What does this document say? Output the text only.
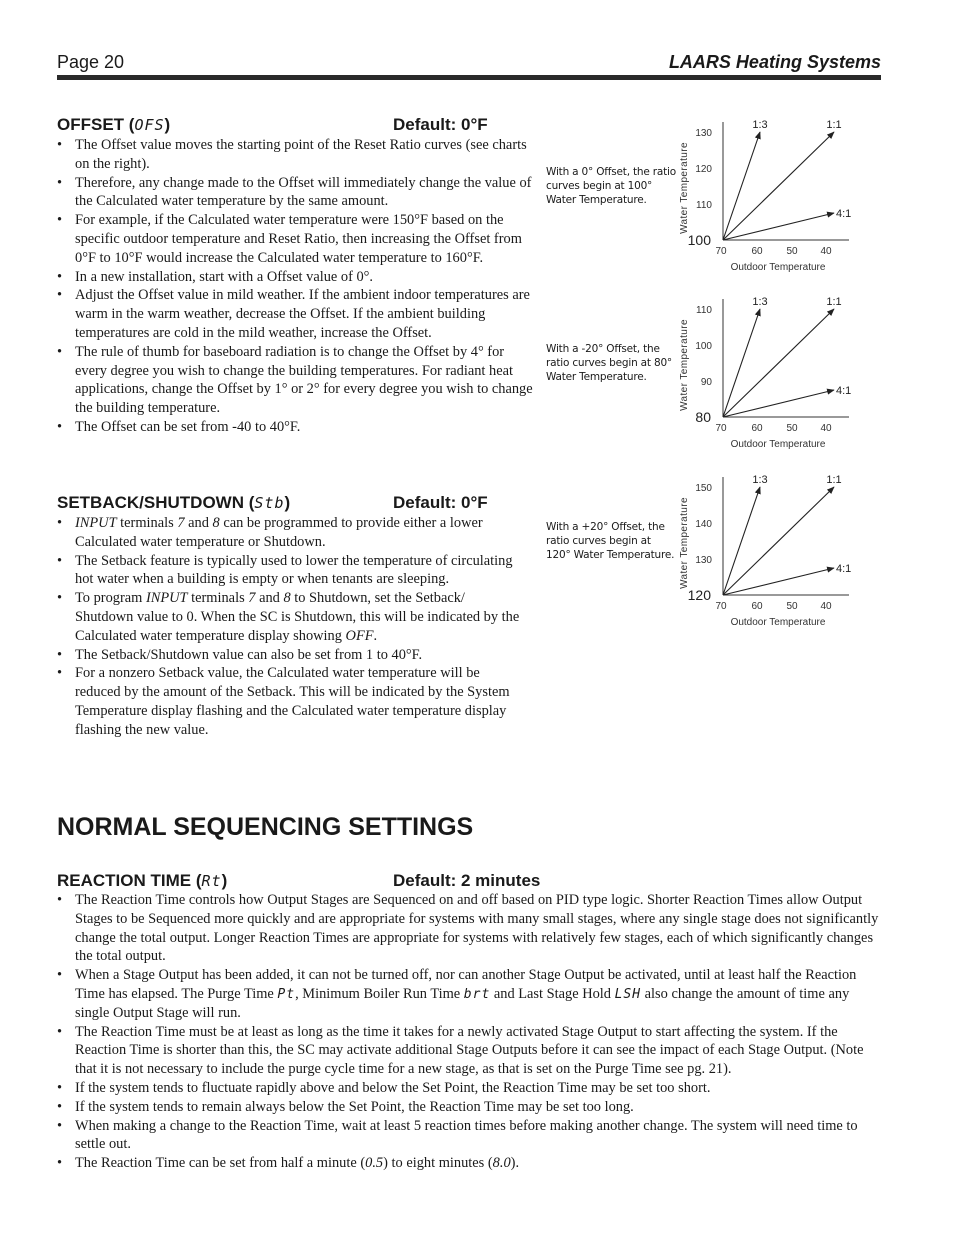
Page 20	LAARS Heating Systems
OFFSET (OFS)	Default: 0°F
• The Offset value moves the starting point of the Reset Ratio curves (see charts on the right).
• Therefore, any change made to the Offset will immediately change the value of the Calculated water temperature by the same amount.
• For example, if the Calculated water temperature were 150°F based on the specific outdoor temperature and Reset Ratio, then increasing the Offset from 0°F to 10°F would increase the Calculated water temperature to 160°F.
• In a new installation, start with a Offset value of 0°.
• Adjust the Offset value in mild weather. If the ambient indoor temperatures are warm in the warm weather, decrease the Offset. If the ambient building temperatures are cold in the mild weather, increase the Offset.
• The rule of thumb for baseboard radiation is to change the Offset by 4° for every degree you wish to change the building temperatures. For radiant heat applications, change the Offset by 1° or 2° for every degree you wish to change the building temperature.
• The Offset can be set from -40 to 40°F.
SETBACK/SHUTDOWN (Stb)	Default: 0°F
• INPUT terminals 7 and 8 can be programmed to provide either a lower Calculated water temperature or Shutdown.
• The Setback feature is typically used to lower the temperature of circulating hot water when a building is empty or when tenants are sleeping.
• To program INPUT terminals 7 and 8 to Shutdown, set the Setback/ Shutdown value to 0. When the SC is Shutdown, this will be indicated by the Calculated water temperature display showing OFF.
• The Setback/Shutdown value can also be set from 1 to 40°F.
• For a nonzero Setback value, the Calculated water temperature will be reduced by the amount of the Setback. This will be indicated by the System Temperature display flashing and the Calculated water temperature display flashing the new value.
NORMAL SEQUENCING SETTINGS
REACTION TIME (Rt)	Default: 2 minutes
• The Reaction Time controls how Output Stages are Sequenced on and off based on PID type logic. Shorter Reaction Times allow Output Stages to be Sequenced more quickly and are appropriate for systems with many small stages, where any single stage does not significantly change the total output. Longer Reaction Times are appropriate for systems with relatively few stages, each of which significantly changes the total output.
• When a Stage Output has been added, it can not be turned off, nor can another Stage Output be activated, until at least half the Reaction Time has elapsed. The Purge Time Pt, Minimum Boiler Run Time brt and Last Stage Hold LSH also change the amount of time any single Output Stage will run.
• The Reaction Time must be at least as long as the time it takes for a newly activated Stage Output to start affecting the system. If the Reaction Time is shorter than this, the SC may activate additional Stage Outputs before it can see the impact of each Stage Output. (Note that it is not necessary to include the purge cycle time for a new stage, as that is set on the Purge Time see pg. 21).
• If the system tends to fluctuate rapidly above and below the Set Point, the Reaction Time may be set too short.
• If the system tends to remain always below the Set Point, the Reaction Time may be set too long.
• When making a change to the Reaction Time, wait at least 5 reaction times before making another change. The system will need time to settle out.
• The Reaction Time can be set from half a minute (0.5) to eight minutes (8.0).
With a 0° Offset, the ratio curves begin at 100° Water Temperature.
With a -20° Offset, the ratio curves begin at 80° Water Temperature.
With a +20° Offset, the ratio curves begin at 120° Water Temperature.
Water Temperature 110
120
130
100
70 60 50 40
Outdoor Temperature
1:3	1:1
4:1
Water Temperature 90
100
110
80
70 60 50 40
Outdoor Temperature
1:3	1:1
4:1
Water Temperature 130
140
150
120
70 60 50 40
Outdoor Temperature
1:3	1:1
4:1
